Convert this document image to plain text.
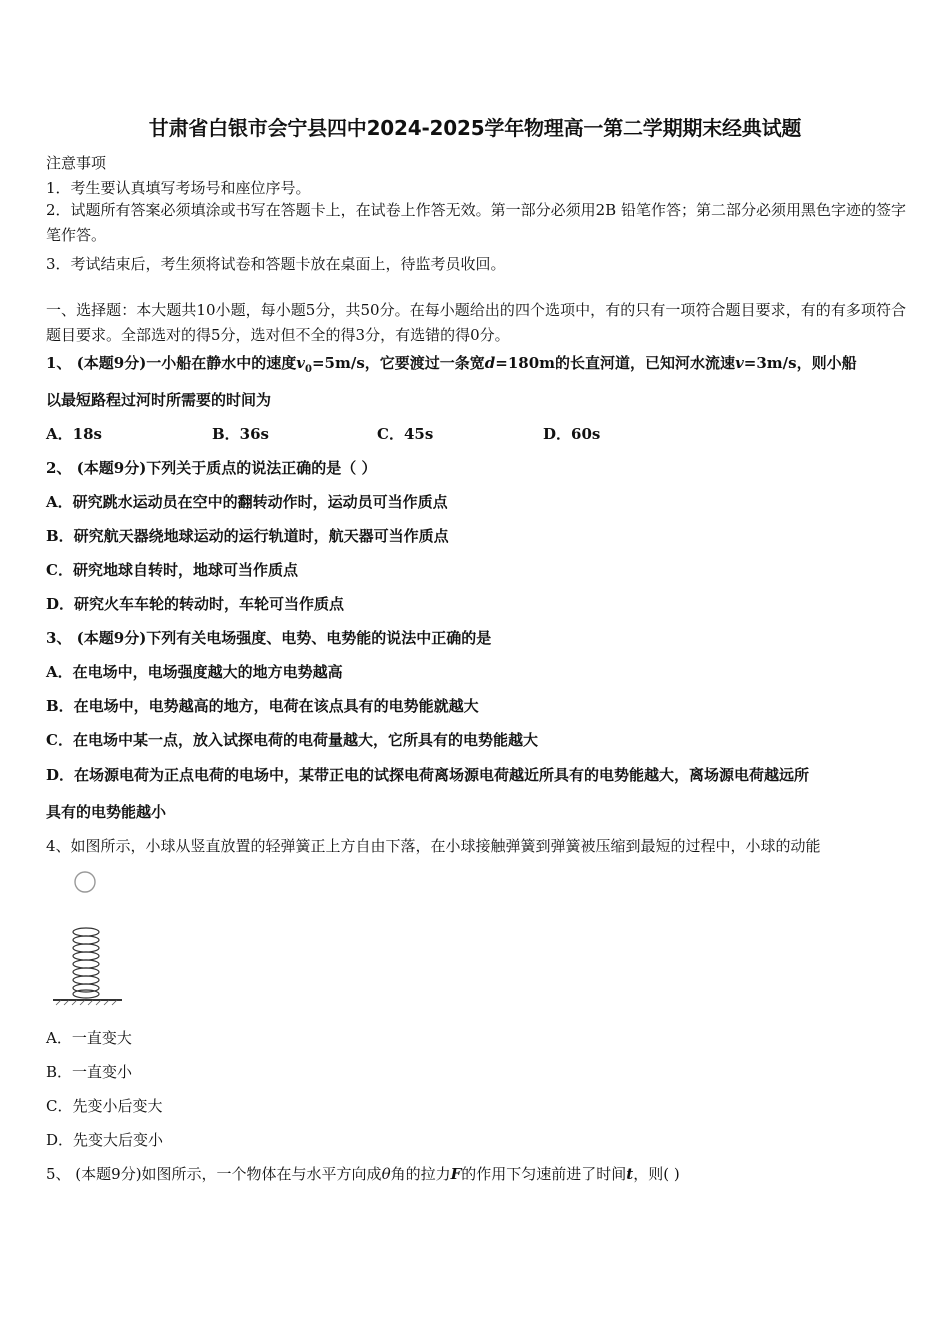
甘肃省白银市会宁县四中2024-2025学年物理高一第二学期期末经典试题
注意事项
1．考生要认真填写考场号和座位序号。
2．试题所有答案必须填涂或书写在答题卡上，在试卷上作答无效。第一部分必须用2B 铅笔作答；第二部分必须用黑色字迹的签字笔作答。
3．考试结束后，考生须将试卷和答题卡放在桌面上，待监考员收回。
一、选择题：本大题共10小题，每小题5分，共50分。在每小题给出的四个选项中，有的只有一项符合题目要求，有的有多项符合题目要求。全部选对的得5分，选对但不全的得3分，有选错的得0分。
1、 (本题9分)一小船在静水中的速度$v_0=5m/s$，它要渡过一条宽d=180m的长直河道，已知河水流速v=3m/s，则小船
以最短路程过河时所需要的时间为
A．18s	B．36s	C．45s	D．60s
2、 (本题9分)下列关于质点的说法正确的是（ ）
A．研究跳水运动员在空中的翻转动作时，运动员可当作质点
B．研究航天器绕地球运动的运行轨道时，航天器可当作质点
C．研究地球自转时，地球可当作质点
D．研究火车车轮的转动时，车轮可当作质点
3、 (本题9分)下列有关电场强度、电势、电势能的说法中正确的是
A．在电场中，电场强度越大的地方电势越高
B．在电场中，电势越高的地方，电荷在该点具有的电势能就越大
C．在电场中某一点，放入试探电荷的电荷量越大，它所具有的电势能越大
D．在场源电荷为正点电荷的电场中，某带正电的试探电荷离场源电荷越近所具有的电势能越大，离场源电荷越远所
具有的电势能越小
4、如图所示，小球从竖直放置的轻弹簧正上方自由下落，在小球接触弹簧到弹簧被压缩到最短的过程中，小球的动能
A．一直变大
B．一直变小
C．先变小后变大
D．先变大后变小
5、 (本题9分)如图所示，一个物体在与水平方向成θ角的拉力F的作用下匀速前进了时间t，则( )
